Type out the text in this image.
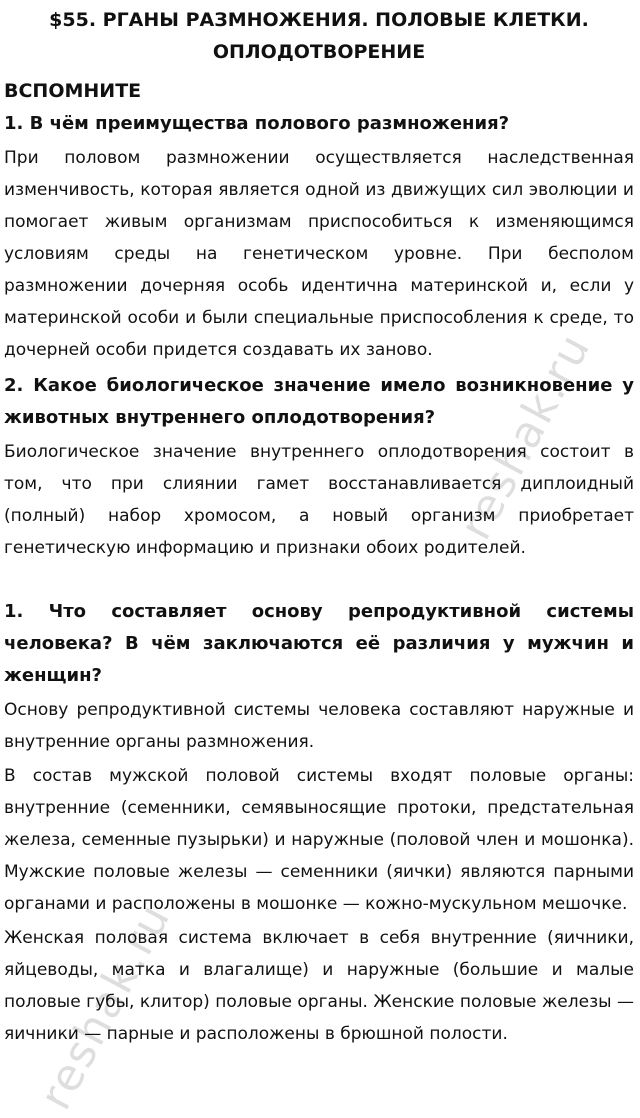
$55. РГАНЫ РАЗМНОЖЕНИЯ. ПОЛОВЫЕ КЛЕТКИ. ОПЛОДОТВОРЕНИЕ
ВСПОМНИТЕ
1. В чём преимущества полового размножения?
При половом размножении осуществляется наследственная изменчивость, которая является одной из движущих сил эволюции и помогает живым организмам приспособиться к изменяющимся условиям среды на генетическом уровне. При бесполом размножении дочерняя особь идентична материнской и, если у материнской особи и были специальные приспособления к среде, то дочерней особи придется создавать их заново.
2. Какое биологическое значение имело возникновение у животных внутреннего оплодотворения?
Биологическое значение внутреннего оплодотворения состоит в том, что при слиянии гамет восстанавливается диплоидный (полный) набор хромосом, а новый организм приобретает генетическую информацию и признаки обоих родителей.
1. Что составляет основу репродуктивной системы человека? В чём заключаются её различия у мужчин и женщин?
Основу репродуктивной системы человека составляют наружные и внутренние органы размножения.
В состав мужской половой системы входят половые органы: внутренние (семенники, семявыносящие протоки, предстательная железа, семенные пузырьки) и наружные (половой член и мошонка). Мужские половые железы — семенники (яички) являются парными органами и расположены в мошонке — кожно-мускульном мешочке.
Женская половая система включает в себя внутренние (яичники, яйцеводы, матка и влагалище) и наружные (большие и малые половые губы, клитор) половые органы. Женские половые железы — яичники — парные и расположены в брюшной полости.
reshak.ru
reshak.ru
